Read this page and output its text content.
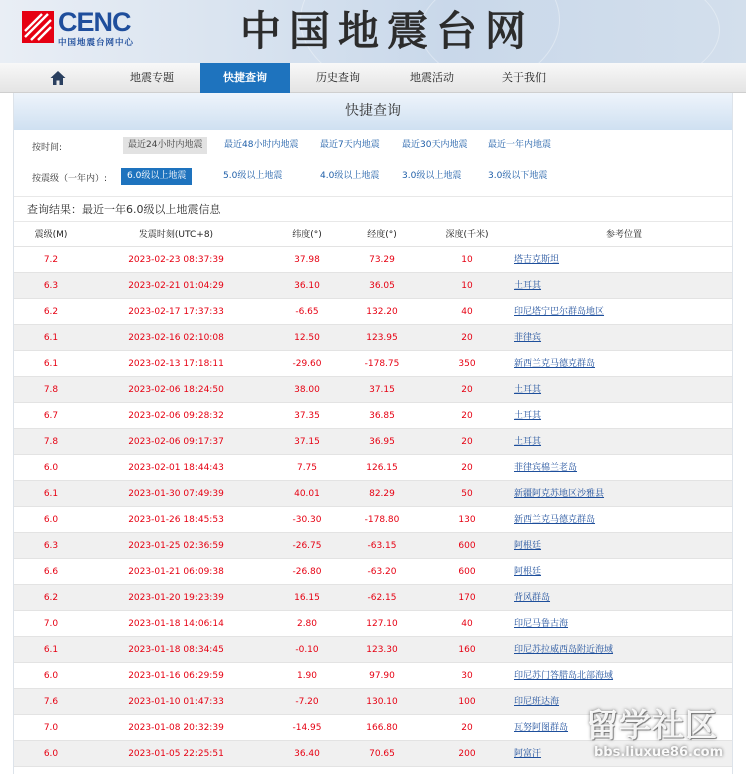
CENC
中国地震台网中心	中国地震台网
地震专题	快捷查询	历史查询	地震活动	关于我们
快捷查询
按时间:	最近24小时内地震	最近48小时内地震 最近7天内地震 最近30天内地震 最近一年内地震
按震级（一年内）:	6.0级以上地震	5.0级以上地震	4.0级以上地震	3.0级以上地震	3.0级以下地震
查询结果：最近一年6.0级以上地震信息
震级(M)	发震时刻(UTC+8)	纬度(°)	经度(°)	深度(千米)	参考位置
7.2	2023-02-23 08:37:39	37.98	73.29	10	塔吉克斯坦
6.3	2023-02-21 01:04:29	36.10	36.05	10	土耳其
6.2	2023-02-17 17:37:33	-6.65	132.20	40	印尼塔宁巴尔群岛地区
6.1	2023-02-16 02:10:08	12.50	123.95	20	菲律宾
6.1	2023-02-13 17:18:11	-29.60	-178.75	350	新西兰克马德克群岛
7.8	2023-02-06 18:24:50	38.00	37.15	20	土耳其
6.7	2023-02-06 09:28:32	37.35	36.85	20	土耳其
7.8	2023-02-06 09:17:37	37.15	36.95	20	土耳其
6.0	2023-02-01 18:44:43	7.75	126.15	20	菲律宾棉兰老岛
6.1	2023-01-30 07:49:39	40.01	82.29	50	新疆阿克苏地区沙雅县
6.0	2023-01-26 18:45:53	-30.30	-178.80	130	新西兰克马德克群岛
6.3	2023-01-25 02:36:59	-26.75	-63.15	600	阿根廷
6.6	2023-01-21 06:09:38	-26.80	-63.20	600	阿根廷
6.2	2023-01-20 19:23:39	16.15	-62.15	170	背风群岛
7.0	2023-01-18 14:06:14	2.80	127.10	40	印尼马鲁古海
6.1	2023-01-18 08:34:45	-0.10	123.30	160	印尼苏拉威西岛附近海域
6.0	2023-01-16 06:29:59	1.90	97.90	30	印尼苏门答腊岛北部海域
7.6	2023-01-10 01:47:33	-7.20	130.10	100	印尼班达海
7.0	2023-01-08 20:32:39	-14.95	166.80	20	瓦努阿图群岛
6.0	2023-01-05 22:25:51	36.40	70.65	200	阿富汗
留学社区
bbs.liuxue86.com
